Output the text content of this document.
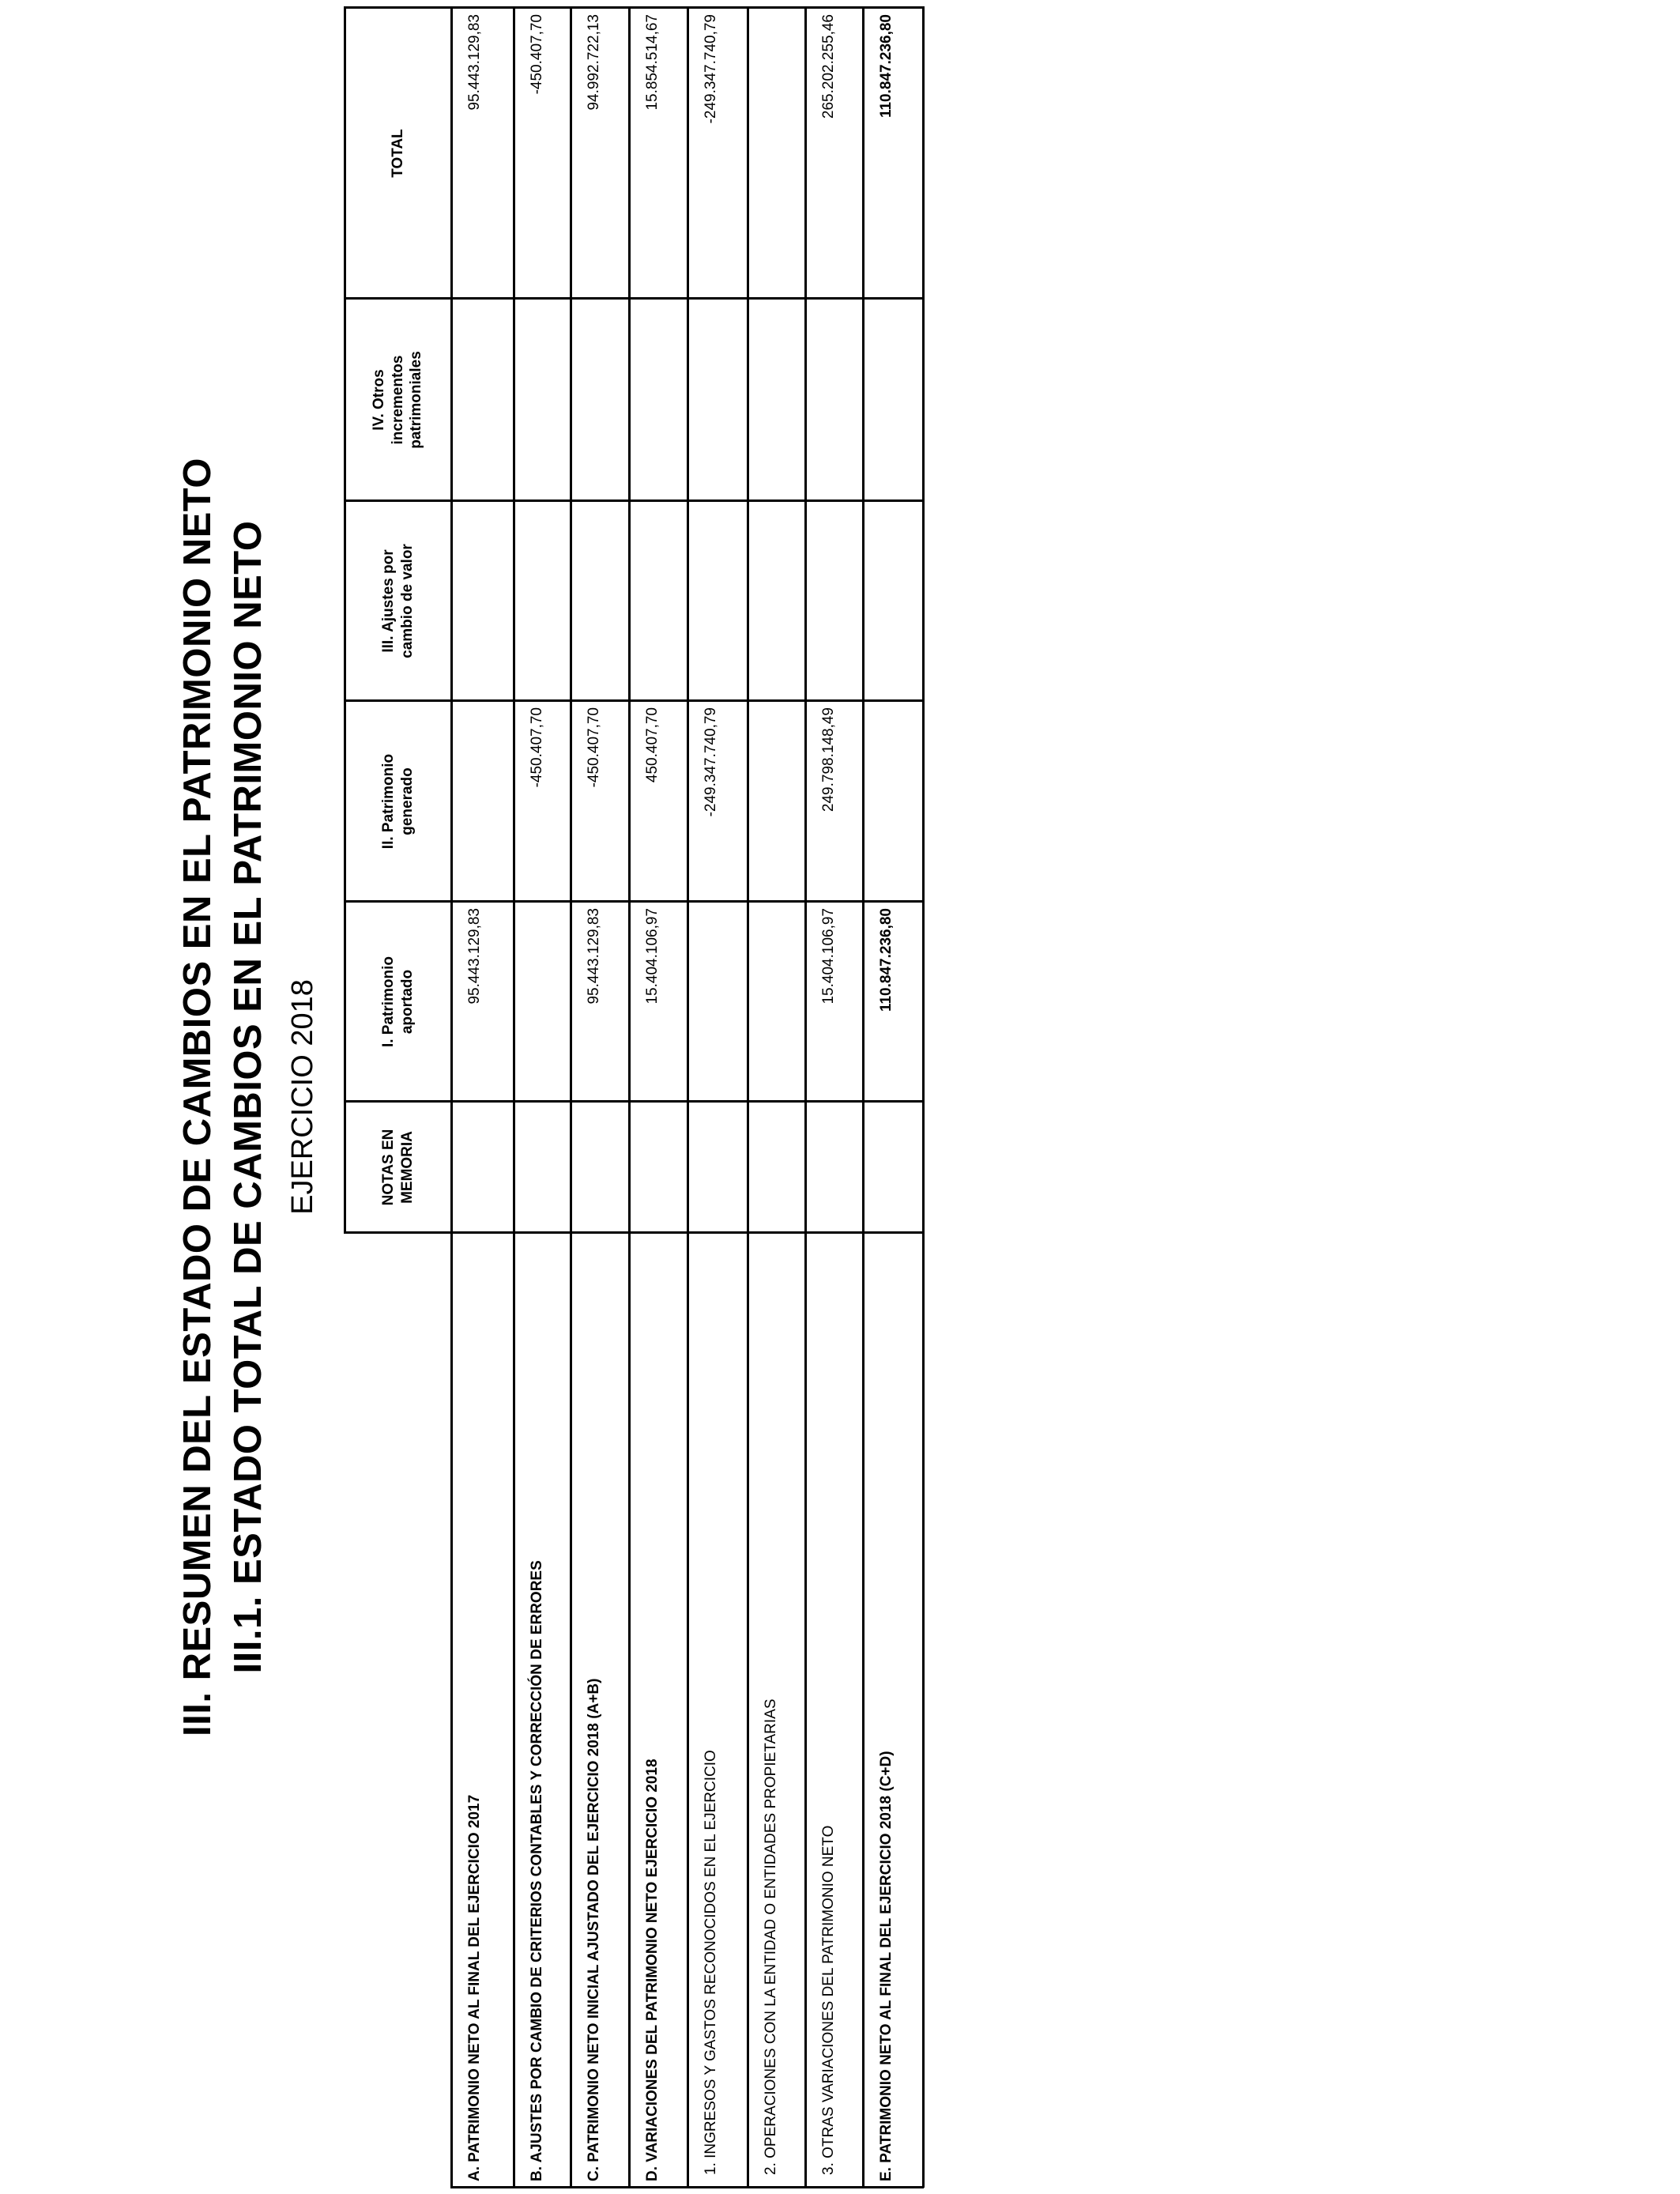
III. RESUMEN DEL ESTADO DE CAMBIOS EN EL PATRIMONIO NETO III.1. ESTADO TOTAL DE CAMBIOS EN EL PATRIMONIO NETO EJERCICIO 2018	NOTAS EN MEMORIA
I. Patrimonio aportado
II. Patrimonio generado
III. Ajustes por cambio de valor
IV. Otros incrementos patrimoniales
TOTAL
A. PATRIMONIO NETO AL FINAL DEL EJERCICIO 2017
95.443.129,83
95.443.129,83
B. AJUSTES POR CAMBIO DE CRITERIOS CONTABLES Y CORRECCIÓN DE ERRORES
-450.407,70
-450.407,70
C. PATRIMONIO NETO INICIAL AJUSTADO DEL EJERCICIO 2018 (A+B)
95.443.129,83
-450.407,70
94.992.722,13
D. VARIACIONES DEL PATRIMONIO NETO EJERCICIO 2018
15.404.106,97
450.407,70
15.854.514,67
1. INGRESOS Y GASTOS RECONOCIDOS EN EL EJERCICIO
-249.347.740,79
-249.347.740,79
2. OPERACIONES CON LA ENTIDAD O ENTIDADES PROPIETARIAS	3. OTRAS VARIACIONES DEL PATRIMONIO NETO
15.404.106,97
249.798.148,49
265.202.255,46
E. PATRIMONIO NETO AL FINAL DEL EJERCICIO 2018 (C+D)
110.847.236,80
110.847.236,80
